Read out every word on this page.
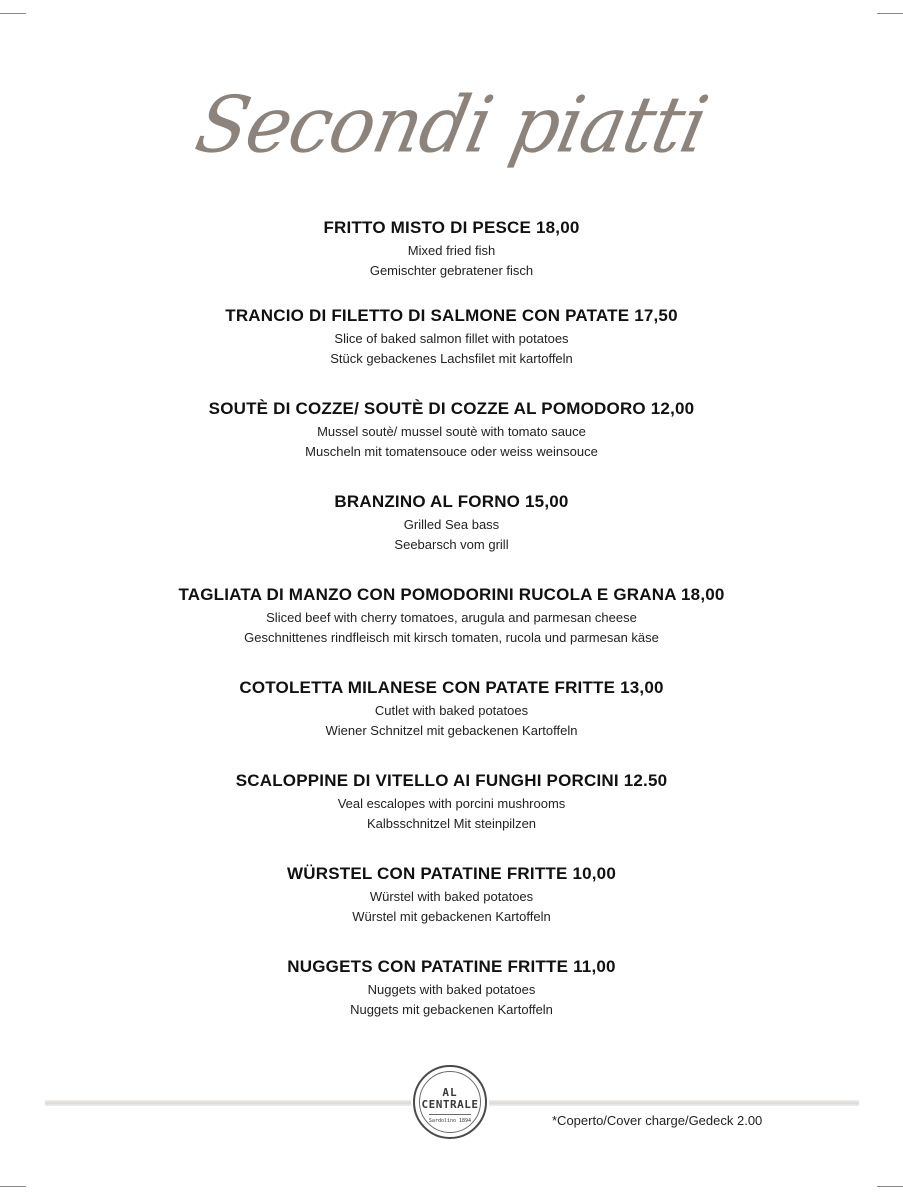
Secondi piatti
FRITTO MISTO DI PESCE 18,00
Mixed fried fish
Gemischter gebratener fisch
TRANCIO DI FILETTO DI SALMONE CON PATATE 17,50
Slice of baked salmon fillet with potatoes
Stück gebackenes Lachsfilet mit kartoffeln
SOUTÈ DI COZZE/ SOUTÈ DI COZZE AL POMODORO 12,00
Mussel soutè/ mussel soutè with tomato sauce
Muscheln mit tomatensouce oder weiss weinsouce
BRANZINO AL FORNO 15,00
Grilled Sea bass
Seebarsch vom grill
TAGLIATA DI MANZO CON POMODORINI RUCOLA E GRANA 18,00
Sliced beef with cherry tomatoes, arugula and parmesan cheese
Geschnittenes rindfleisch mit kirsch tomaten, rucola und parmesan käse
COTOLETTA MILANESE CON PATATE FRITTE 13,00
Cutlet with baked potatoes
Wiener Schnitzel mit gebackenen Kartoffeln
SCALOPPINE DI VITELLO AI FUNGHI PORCINI 12.50
Veal escalopes with porcini mushrooms
Kalbsschnitzel Mit steinpilzen
WÜRSTEL CON PATATINE FRITTE 10,00
Würstel with baked potatoes
Würstel mit gebackenen Kartoffeln
NUGGETS CON PATATINE FRITTE 11,00
Nuggets with baked potatoes
Nuggets mit gebackenen Kartoffeln
AL
CENTRALE
Sardolino 1894	*Coperto/Cover charge/Gedeck 2.00
